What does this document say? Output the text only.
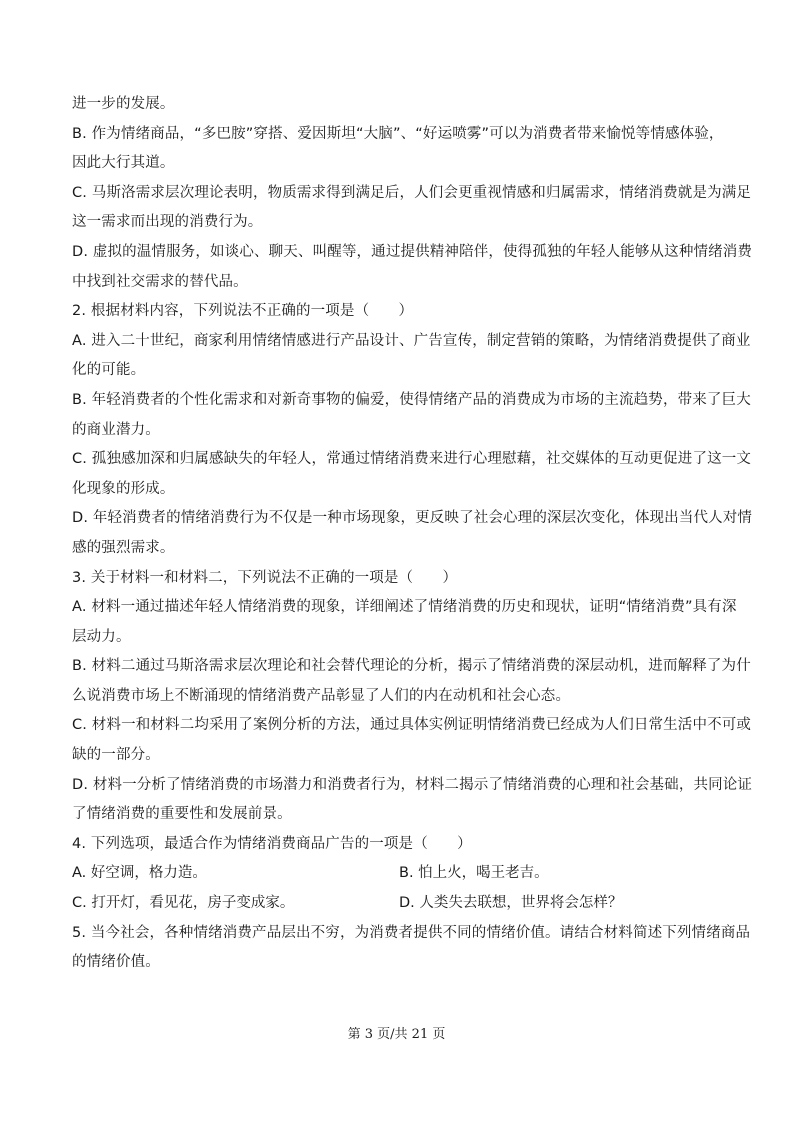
进一步的发展。
B. 作为情绪商品，“多巴胺”穿搭、爱因斯坦“大脑”、“好运喷雾”可以为消费者带来愉悦等情感体验，
因此大行其道。
C. 马斯洛需求层次理论表明，物质需求得到满足后，人们会更重视情感和归属需求，情绪消费就是为满足
这一需求而出现的消费行为。
D. 虚拟的温情服务，如谈心、聊天、叫醒等，通过提供精神陪伴，使得孤独的年轻人能够从这种情绪消费
中找到社交需求的替代品。
2. 根据材料内容，下列说法不正确的一项是（　　）
A. 进入二十世纪，商家利用情绪情感进行产品设计、广告宣传，制定营销的策略，为情绪消费提供了商业
化的可能。
B. 年轻消费者的个性化需求和对新奇事物的偏爱，使得情绪产品的消费成为市场的主流趋势，带来了巨大
的商业潜力。
C. 孤独感加深和归属感缺失的年轻人，常通过情绪消费来进行心理慰藉，社交媒体的互动更促进了这一文
化现象的形成。
D. 年轻消费者的情绪消费行为不仅是一种市场现象，更反映了社会心理的深层次变化，体现出当代人对情
感的强烈需求。
3. 关于材料一和材料二，下列说法不正确的一项是（　　）
A. 材料一通过描述年轻人情绪消费的现象，详细阐述了情绪消费的历史和现状，证明“情绪消费”具有深
层动力。
B. 材料二通过马斯洛需求层次理论和社会替代理论的分析，揭示了情绪消费的深层动机，进而解释了为什
么说消费市场上不断涌现的情绪消费产品彰显了人们的内在动机和社会心态。
C. 材料一和材料二均采用了案例分析的方法，通过具体实例证明情绪消费已经成为人们日常生活中不可或
缺的一部分。
D. 材料一分析了情绪消费的市场潜力和消费者行为，材料二揭示了情绪消费的心理和社会基础，共同论证
了情绪消费的重要性和发展前景。
4. 下列选项，最适合作为情绪消费商品广告的一项是（　　）
A. 好空调，格力造。	B. 怕上火，喝王老吉。
C. 打开灯，看见花，房子变成家。	D. 人类失去联想，世界将会怎样？
5. 当今社会，各种情绪消费产品层出不穷，为消费者提供不同的情绪价值。请结合材料简述下列情绪商品
的情绪价值。
第 3 页/共 21 页
